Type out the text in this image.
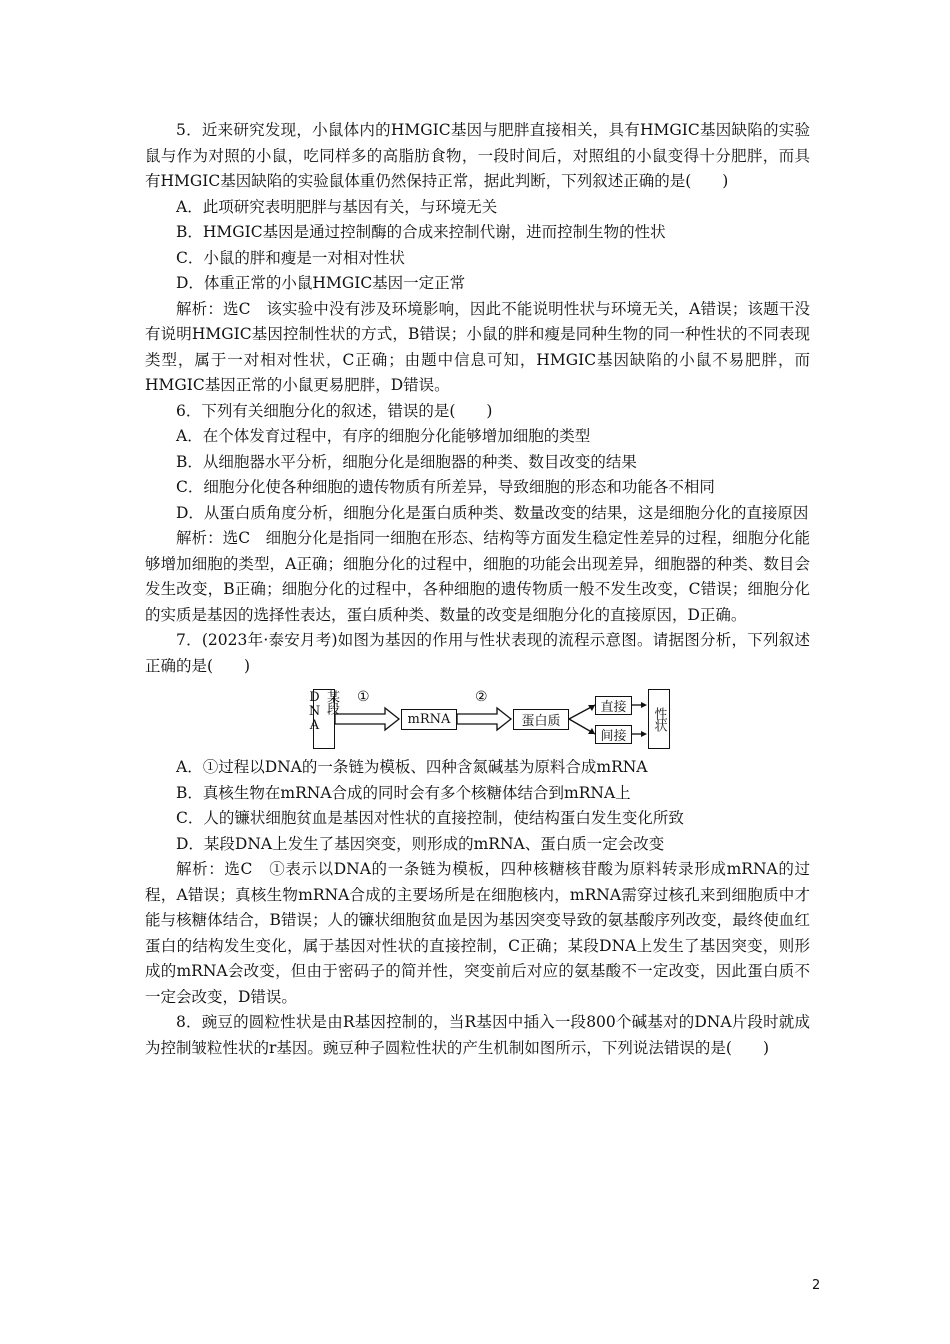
5．近来研究发现，小鼠体内的HMGIC基因与肥胖直接相关，具有HMGIC基因缺陷的实验鼠与作为对照的小鼠，吃同样多的高脂肪食物，一段时间后，对照组的小鼠变得十分肥胖，而具有HMGIC基因缺陷的实验鼠体重仍然保持正常，据此判断，下列叙述正确的是(　　)

A．此项研究表明肥胖与基因有关，与环境无关

B．HMGIC基因是通过控制酶的合成来控制代谢，进而控制生物的性状

C．小鼠的胖和瘦是一对相对性状

D．体重正常的小鼠HMGIC基因一定正常

解析：选C　该实验中没有涉及环境影响，因此不能说明性状与环境无关，A错误；该题干没有说明HMGIC基因控制性状的方式，B错误；小鼠的胖和瘦是同种生物的同一种性状的不同表现类型，属于一对相对性状，C正确；由题中信息可知，HMGIC基因缺陷的小鼠不易肥胖，而HMGIC基因正常的小鼠更易肥胖，D错误。

6．下列有关细胞分化的叙述，错误的是(　　)

A．在个体发育过程中，有序的细胞分化能够增加细胞的类型

B．从细胞器水平分析，细胞分化是细胞器的种类、数目改变的结果

C．细胞分化使各种细胞的遗传物质有所差异，导致细胞的形态和功能各不相同

D．从蛋白质角度分析，细胞分化是蛋白质种类、数量改变的结果，这是细胞分化的直接原因

解析：选C　细胞分化是指同一细胞在形态、结构等方面发生稳定性差异的过程，细胞分化能够增加细胞的类型，A正确；细胞分化的过程中，细胞的功能会出现差异，细胞器的种类、数目会发生改变，B正确；细胞分化的过程中，各种细胞的遗传物质一般不发生改变，C错误；细胞分化的实质是基因的选择性表达，蛋白质种类、数量的改变是细胞分化的直接原因，D正确。

7．(2023年·泰安月考)如图为基因的作用与性状表现的流程示意图。请据图分析，下列叙述正确的是(　　)

某段DNA	①
mRNA
②
蛋白质
直接
间接
性状

A．①过程以DNA的一条链为模板、四种含氮碱基为原料合成mRNA

B．真核生物在mRNA合成的同时会有多个核糖体结合到mRNA上

C．人的镰状细胞贫血是基因对性状的直接控制，使结构蛋白发生变化所致

D．某段DNA上发生了基因突变，则形成的mRNA、蛋白质一定会改变

解析：选C　①表示以DNA的一条链为模板，四种核糖核苷酸为原料转录形成mRNA的过程，A错误；真核生物mRNA合成的主要场所是在细胞核内，mRNA需穿过核孔来到细胞质中才能与核糖体结合，B错误；人的镰状细胞贫血是因为基因突变导致的氨基酸序列改变，最终使血红蛋白的结构发生变化，属于基因对性状的直接控制，C正确；某段DNA上发生了基因突变，则形成的mRNA会改变，但由于密码子的简并性，突变前后对应的氨基酸不一定改变，因此蛋白质不一定会改变，D错误。

8．豌豆的圆粒性状是由R基因控制的，当R基因中插入一段800个碱基对的DNA片段时就成为控制皱粒性状的r基因。豌豆种子圆粒性状的产生机制如图所示，下列说法错误的是(　　)

2
